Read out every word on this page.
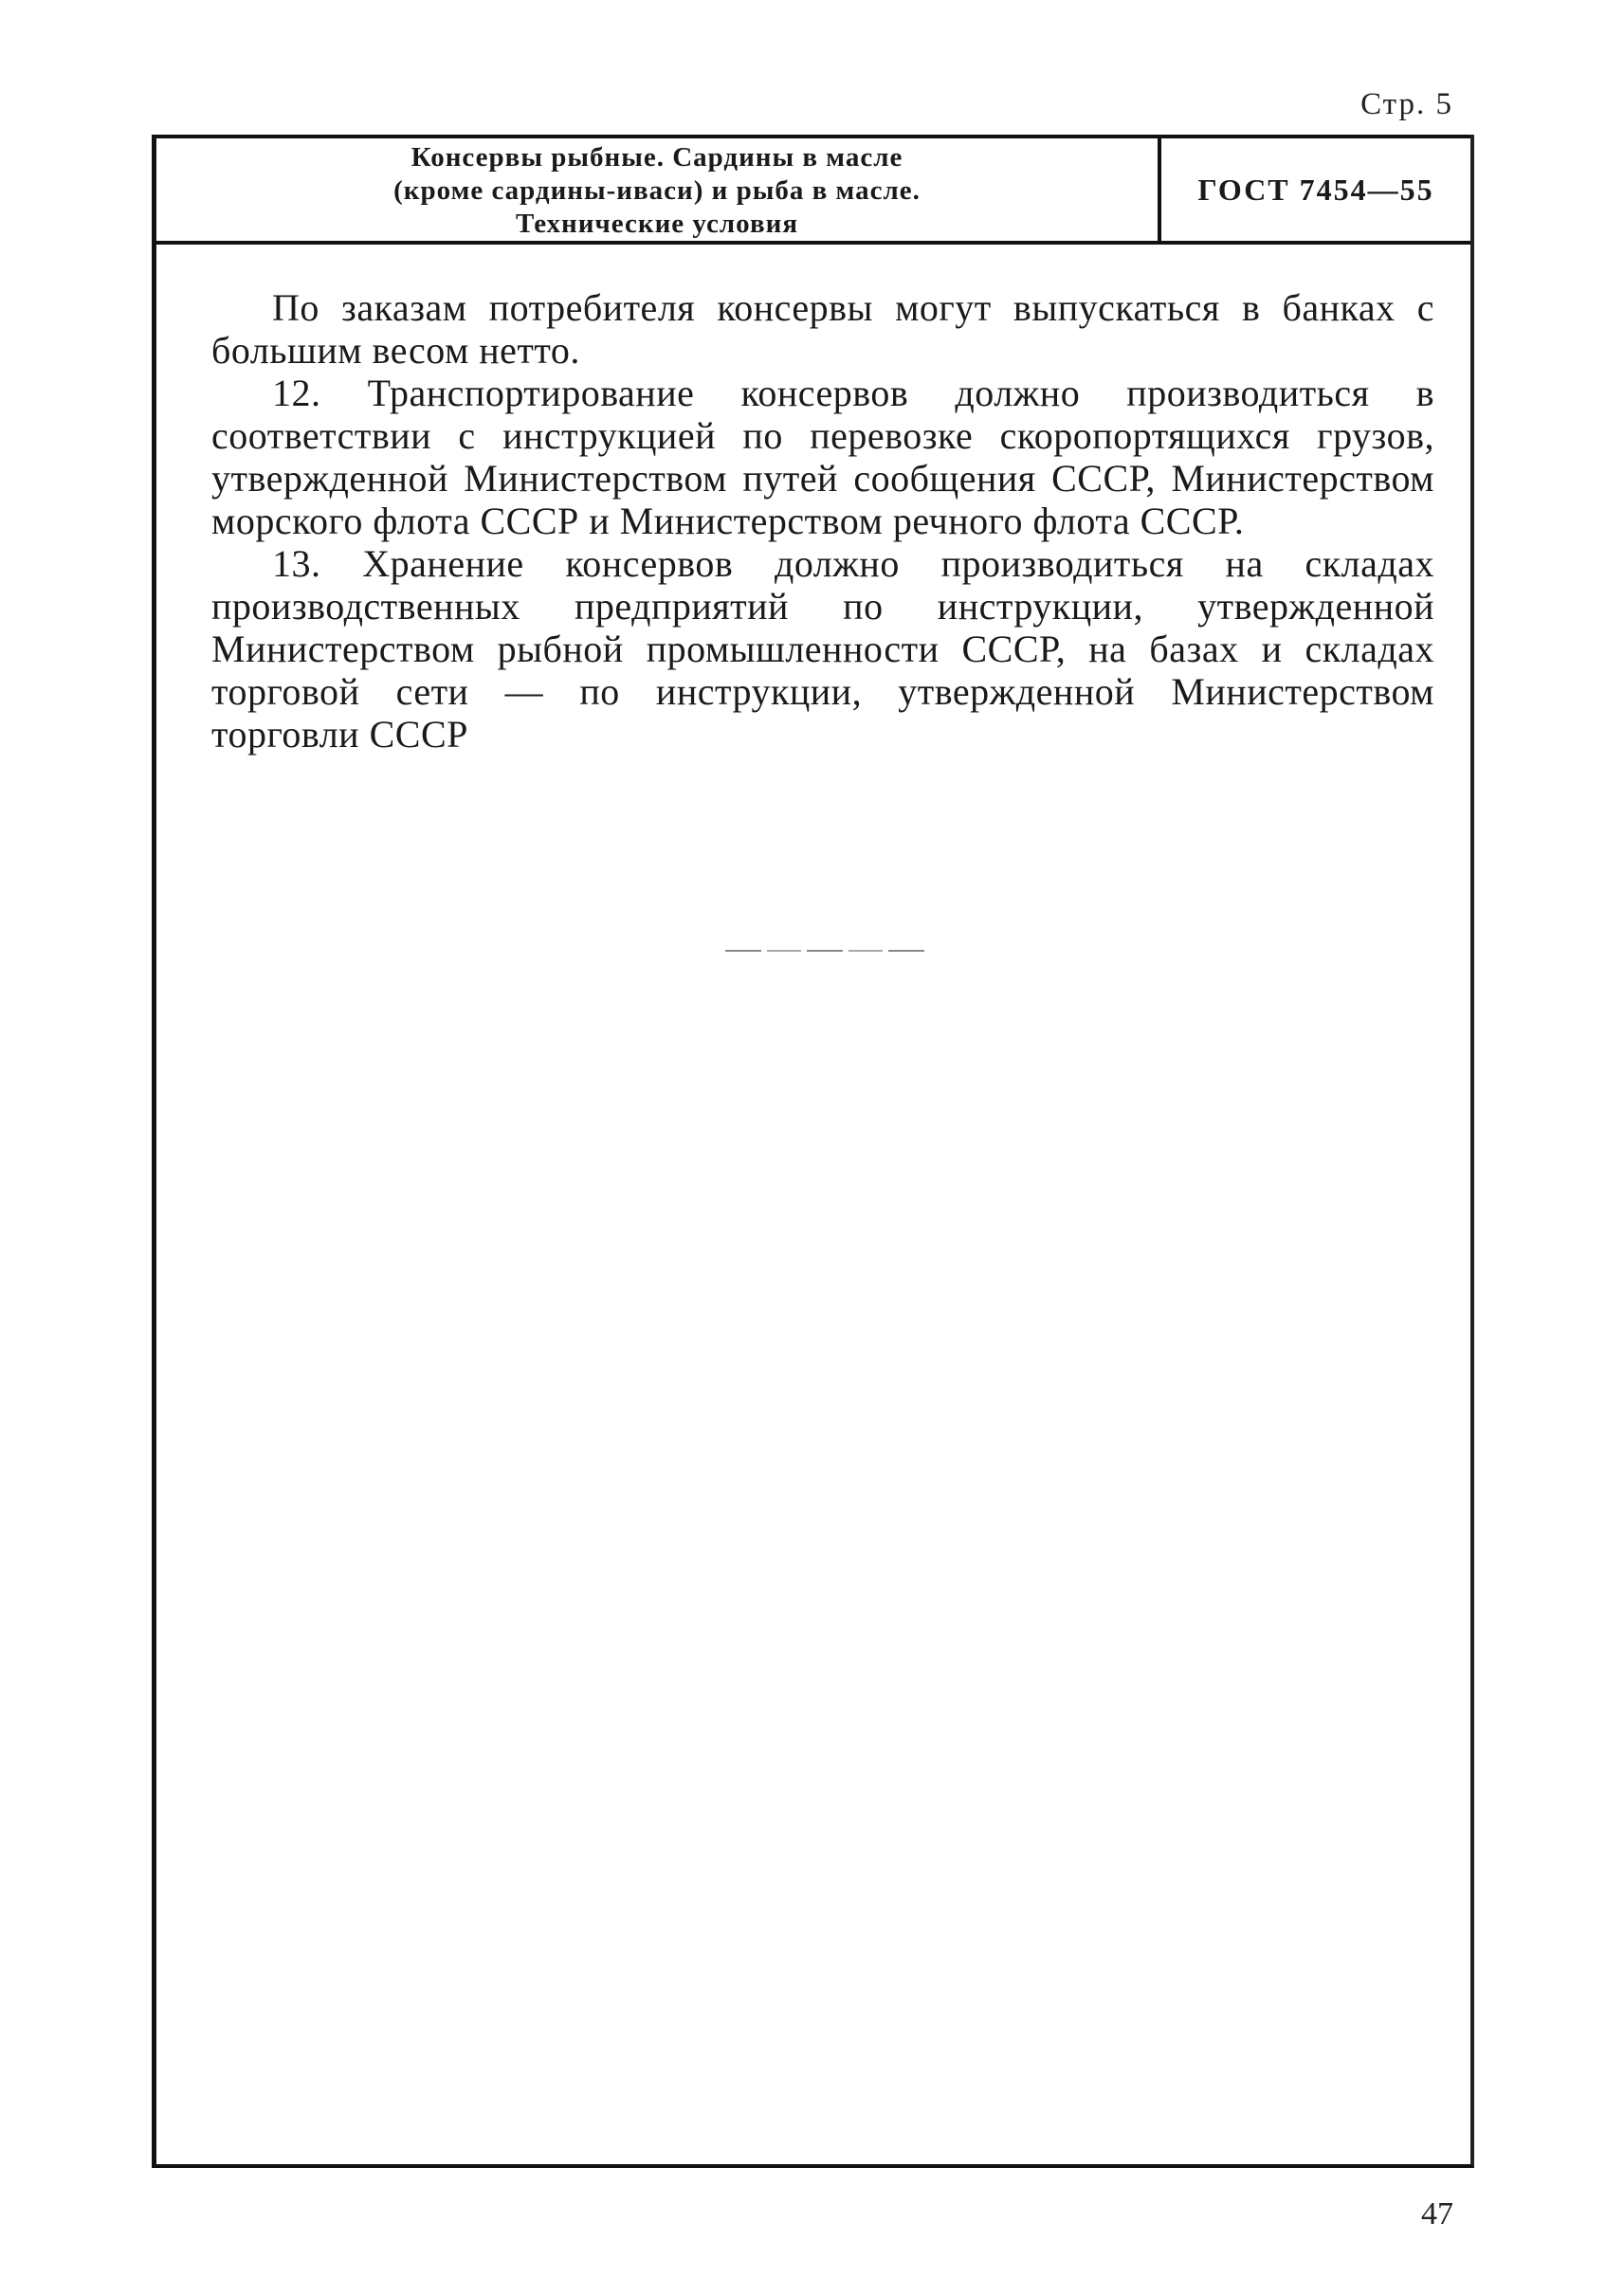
Стр. 5
Консервы рыбные. Сардины в масле
(кроме сардины-иваси) и рыба в масле.
Технические условия
ГОСТ 7454—55

По заказам потребителя консервы могут выпускаться в банках с большим весом нетто.

12. Транспортирование консервов должно производиться в соответствии с инструкцией по перевозке скоропортящихся грузов, утвержденной Министерством путей сообщения СССР, Министерством морского флота СССР и Министерством речного флота СССР.

13. Хранение консервов должно производиться на складах производственных предприятий по инструкции, утвержденной Министерством рыбной промышленности СССР, на базах и складах торговой сети — по инструкции, утвержденной Министерством торговли СССР

47
